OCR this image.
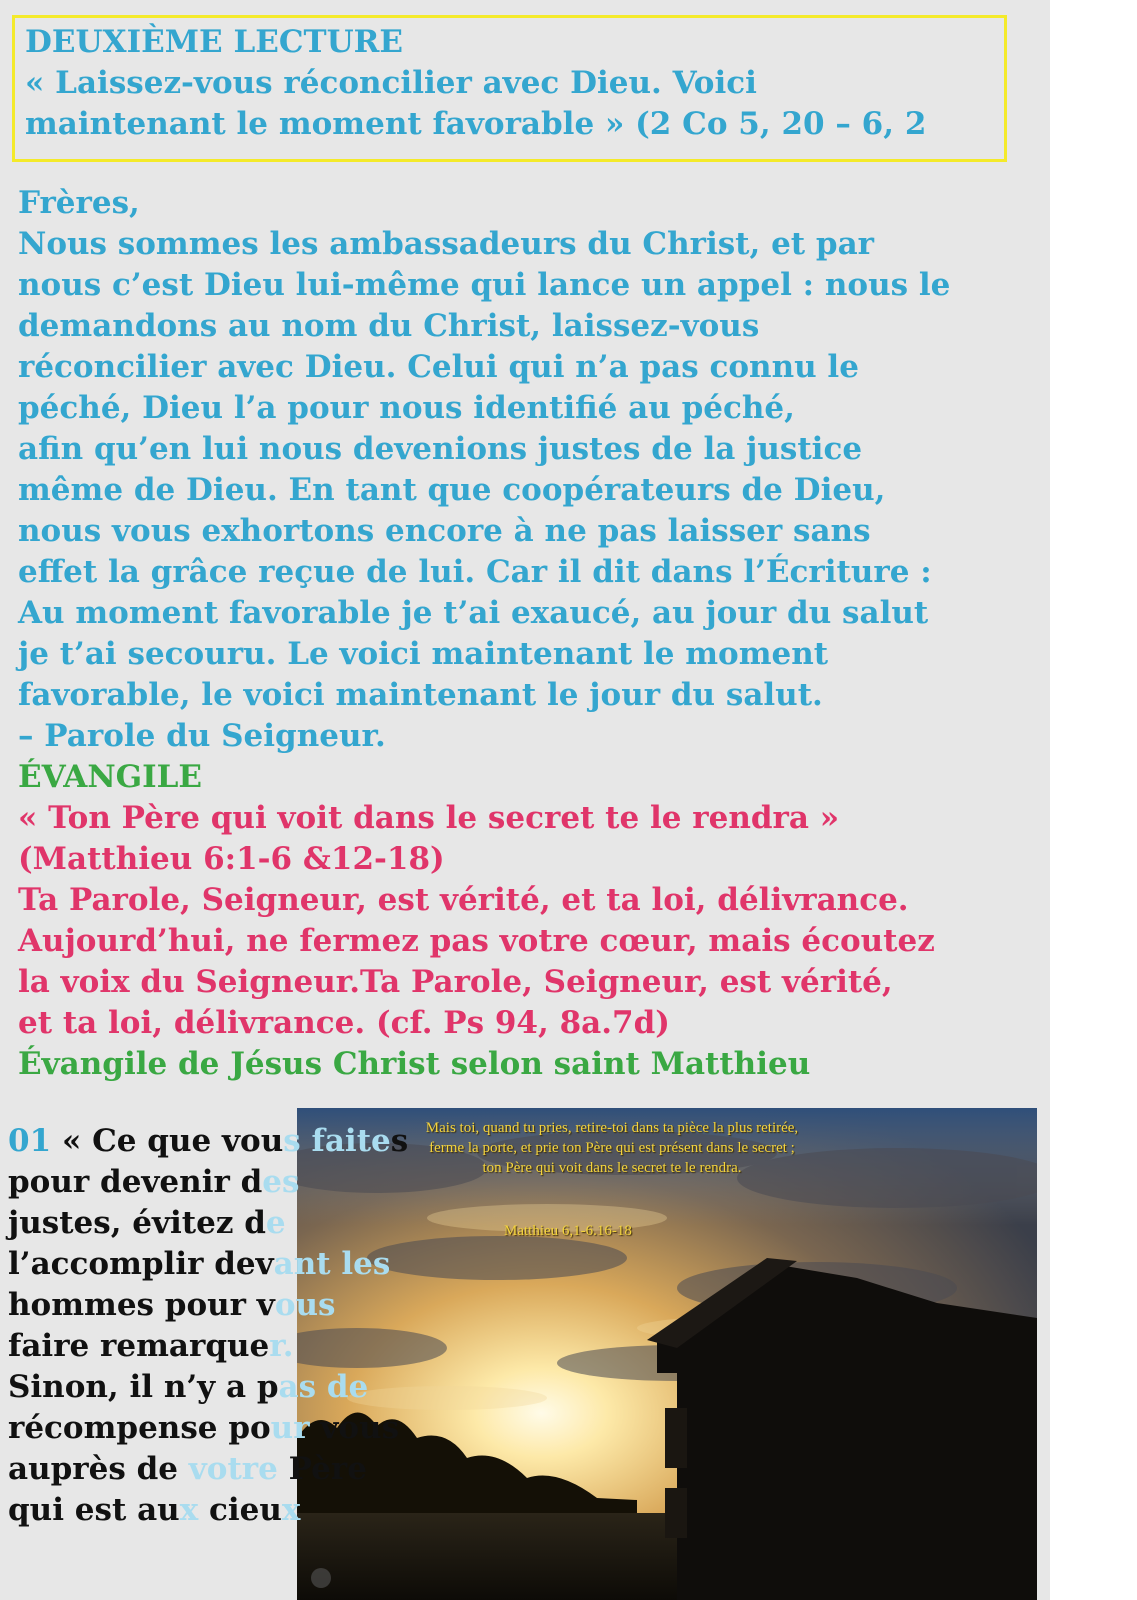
DEUXIÈME LECTURE
« Laissez-vous réconcilier avec Dieu. Voici
maintenant le moment favorable » (2 Co 5, 20 – 6, 2
Frères,
Nous sommes les ambassadeurs du Christ, et par
nous c’est Dieu lui-même qui lance un appel : nous le
demandons au nom du Christ, laissez-vous
réconcilier avec Dieu. Celui qui n’a pas connu le
péché, Dieu l’a pour nous identifié au péché,
afin qu’en lui nous devenions justes de la justice
même de Dieu. En tant que coopérateurs de Dieu,
nous vous exhortons encore à ne pas laisser sans
effet la grâce reçue de lui. Car il dit dans l’Écriture :
Au moment favorable je t’ai exaucé, au jour du salut
je t’ai secouru. Le voici maintenant le moment
favorable, le voici maintenant le jour du salut.
– Parole du Seigneur.
ÉVANGILE
« Ton Père qui voit dans le secret te le rendra »
(Matthieu 6:1-6 &12-18)
Ta Parole, Seigneur, est vérité, et ta loi, délivrance.
Aujourd’hui, ne fermez pas votre cœur, mais écoutez
la voix du Seigneur.Ta Parole, Seigneur, est vérité,
et ta loi, délivrance. (cf. Ps 94, 8a.7d)
Évangile de Jésus Christ selon saint Matthieu
Mais toi, quand tu pries, retire-toi dans ta pièce la plus retirée,
ferme la porte, et prie ton Père qui est présent dans le secret ;
ton Père qui voit dans le secret te le rendra.
Matthieu 6,1-6.16-18
01 « Ce que vous faites
pour devenir des
justes, évitez de
l’accomplir devant les
hommes pour vous
faire remarquer.
Sinon, il n’y a pas de
récompense pour vous
auprès de votre Père
qui est aux cieux
